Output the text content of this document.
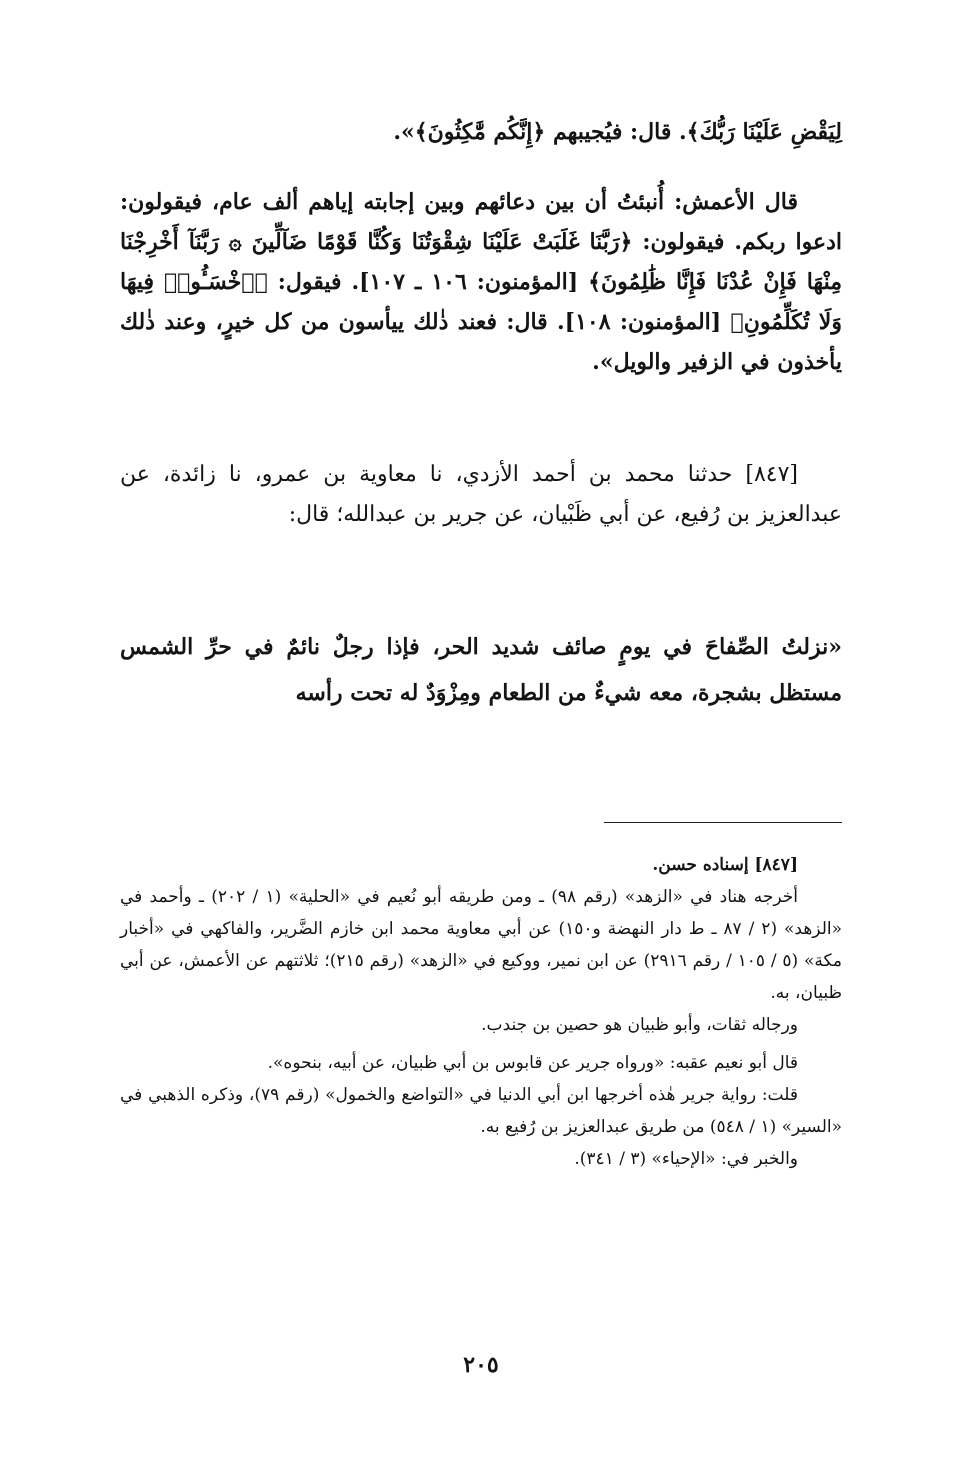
لِيَقْضِ عَلَيْنَا رَبُّكَ﴾. قال: فيُجيبهم ﴿إِنَّكُم مَّٰكِثُونَ﴾».

قال الأعمش: أُنبئتُ أن بين دعائهم وبين إجابته إياهم ألف عام، فيقولون: ادعوا ربكم. فيقولون: ﴿رَبَّنَا غَلَبَتْ عَلَيْنَا شِقْوَتُنَا وَكُنَّا قَوْمًا ضَآلِّينَ ۞ رَبَّنَآ أَخْرِجْنَا مِنْهَا فَإِنْ عُدْنَا فَإِنَّا ظَٰلِمُونَ﴾ [المؤمنون: ١٠٦ ـ ١٠٧]. فيقول: ﴿ٱخْسَـُٔوا۟ فِيهَا وَلَا تُكَلِّمُونِ﴾ [المؤمنون: ١٠٨]. قال: فعند ذٰلك ييأسون من كل خيرٍ، وعند ذٰلك يأخذون في الزفير والويل».

[٨٤٧] حدثنا محمد بن أحمد الأزدي، نا معاوية بن عمرو، نا زائدة، عن عبدالعزيز بن رُفيع، عن أبي ظَبْيان، عن جرير بن عبدالله؛ قال:

«نزلتُ الصِّفاحَ في يومٍ صائف شديد الحر، فإذا رجلٌ نائمٌ في حرِّ الشمس مستظل بشجرة، معه شيءٌ من الطعام ومِزْوَدٌ له تحت رأسه

[٨٤٧] إسناده حسن.

أخرجه هناد في «الزهد» (رقم ٩٨) ـ ومن طريقه أبو نُعيم في «الحلية» (١ / ٢٠٢) ـ وأحمد في «الزهد» (٢ / ٨٧ ـ ط دار النهضة و١٥٠) عن أبي معاوية محمد ابن خازم الضَّرير، والفاكهي في «أخبار مكة» (٥ / ١٠٥ / رقم ٢٩١٦) عن ابن نمير، ووكيع في «الزهد» (رقم ٢١٥)؛ ثلاثتهم عن الأعمش، عن أبي ظبيان، به.

ورجاله ثقات، وأبو ظبيان هو حصين بن جندب.

قال أبو نعيم عقبه: «ورواه جرير عن قابوس بن أبي ظبيان، عن أبيه، بنحوه».

قلت: رواية جرير هٰذه أخرجها ابن أبي الدنيا في «التواضع والخمول» (رقم ٧٩)، وذكره الذهبي في «السير» (١ / ٥٤٨) من طريق عبدالعزيز بن رُفيع به.

والخبر في: «الإحياء» (٣ / ٣٤١).

٢٠٥
